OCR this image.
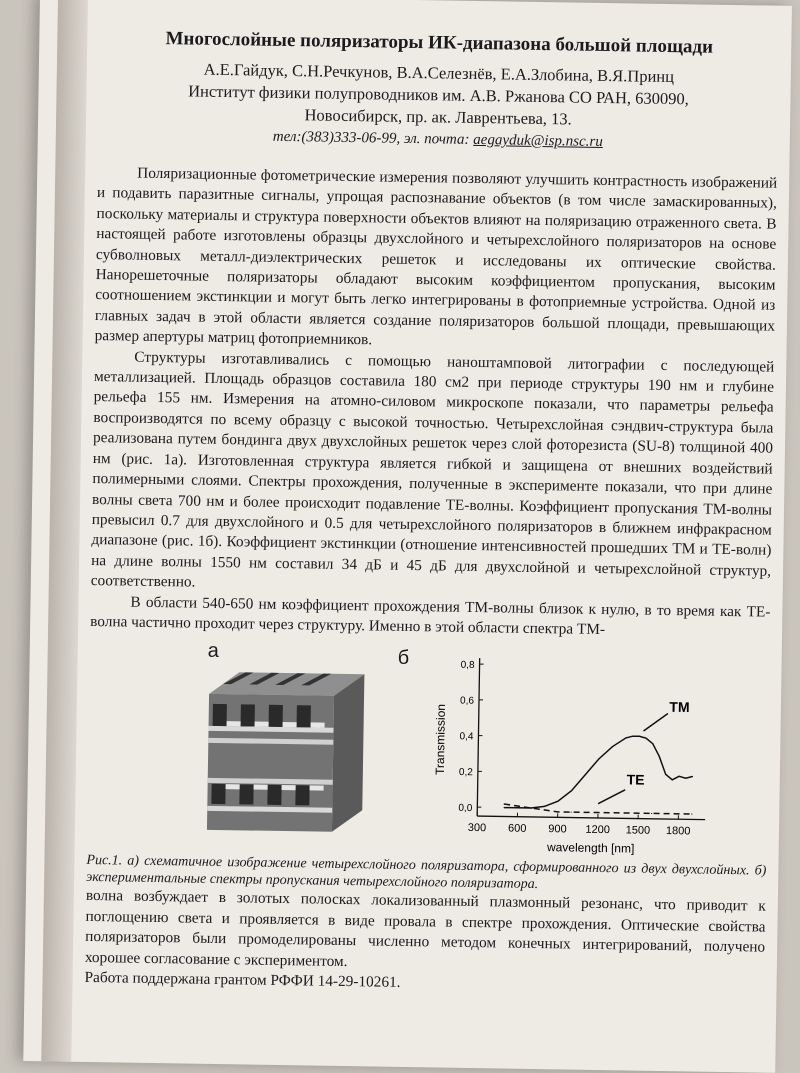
Многослойные поляризаторы ИК-диапазона большой площади
А.Е.Гайдук, С.Н.Речкунов, В.А.Селезнёв, Е.А.Злобина, В.Я.Принц
Институт физики полупроводников им. А.В. Ржанова СО РАН, 630090,
Новосибирск, пр. ак. Лаврентьева, 13.
тел:(383)333-06-99, эл. почта: aegayduk@isp.nsc.ru

Поляризационные фотометрические измерения позволяют улучшить контрастность изображений и подавить паразитные сигналы, упрощая распознавание объектов (в том числе замаскированных), поскольку материалы и структура поверхности объектов влияют на поляризацию отраженного света. В настоящей работе изготовлены образцы двухслойного и четырехслойного поляризаторов на основе субволновых металл-диэлектрических решеток и исследованы их оптические свойства. Нанорешеточные поляризаторы обладают высоким коэффициентом пропускания, высоким соотношением экстинкции и могут быть легко интегрированы в фотоприемные устройства. Одной из главных задач в этой области является создание поляризаторов большой площади, превышающих размер апертуры матриц фотоприемников.

Структуры изготавливались с помощью наноштамповой литографии с последующей металлизацией. Площадь образцов составила 180 см2 при периоде структуры 190 нм и глубине рельефа 155 нм. Измерения на атомно-силовом микроскопе показали, что параметры рельефа воспроизводятся по всему образцу с высокой точностью. Четырехслойная сэндвич-структура была реализована путем бондинга двух двухслойных решеток через слой фоторезиста (SU-8) толщиной 400 нм (рис. 1а). Изготовленная структура является гибкой и защищена от внешних воздействий полимерными слоями. Спектры прохождения, полученные в эксперименте показали, что при длине волны света 700 нм и более происходит подавление TE-волны. Коэффициент пропускания TM-волны превысил 0.7 для двухслойного и 0.5 для четырехслойного поляризаторов в ближнем инфракрасном диапазоне (рис. 1б). Коэффициент экстинкции (отношение интенсивностей прошедших TM и TE-волн) на длине волны 1550 нм составил 34 дБ и 45 дБ для двухслойной и четырехслойной структур, соответственно.

В области 540-650 нм коэффициент прохождения TM-волны близок к нулю, в то время как TE-волна частично проходит через структуру. Именно в этой области спектра TM-

а	б
300 600 900 1200 1500 1800
0,0
0,2
0,4
0,6
0,8
Transmission
wavelength [nm]
TM
TE
Рис.1. а) схематичное изображение четырехслойного поляризатора, сформированного из двух двухслойных. б) экспериментальные спектры пропускания четырехслойного поляризатора.

волна возбуждает в золотых полосках локализованный плазмонный резонанс, что приводит к поглощению света и проявляется в виде провала в спектре прохождения. Оптические свойства поляризаторов были промоделированы численно методом конечных интегрирований, получено хорошее согласование с экспериментом.

Работа поддержана грантом РФФИ 14-29-10261.
